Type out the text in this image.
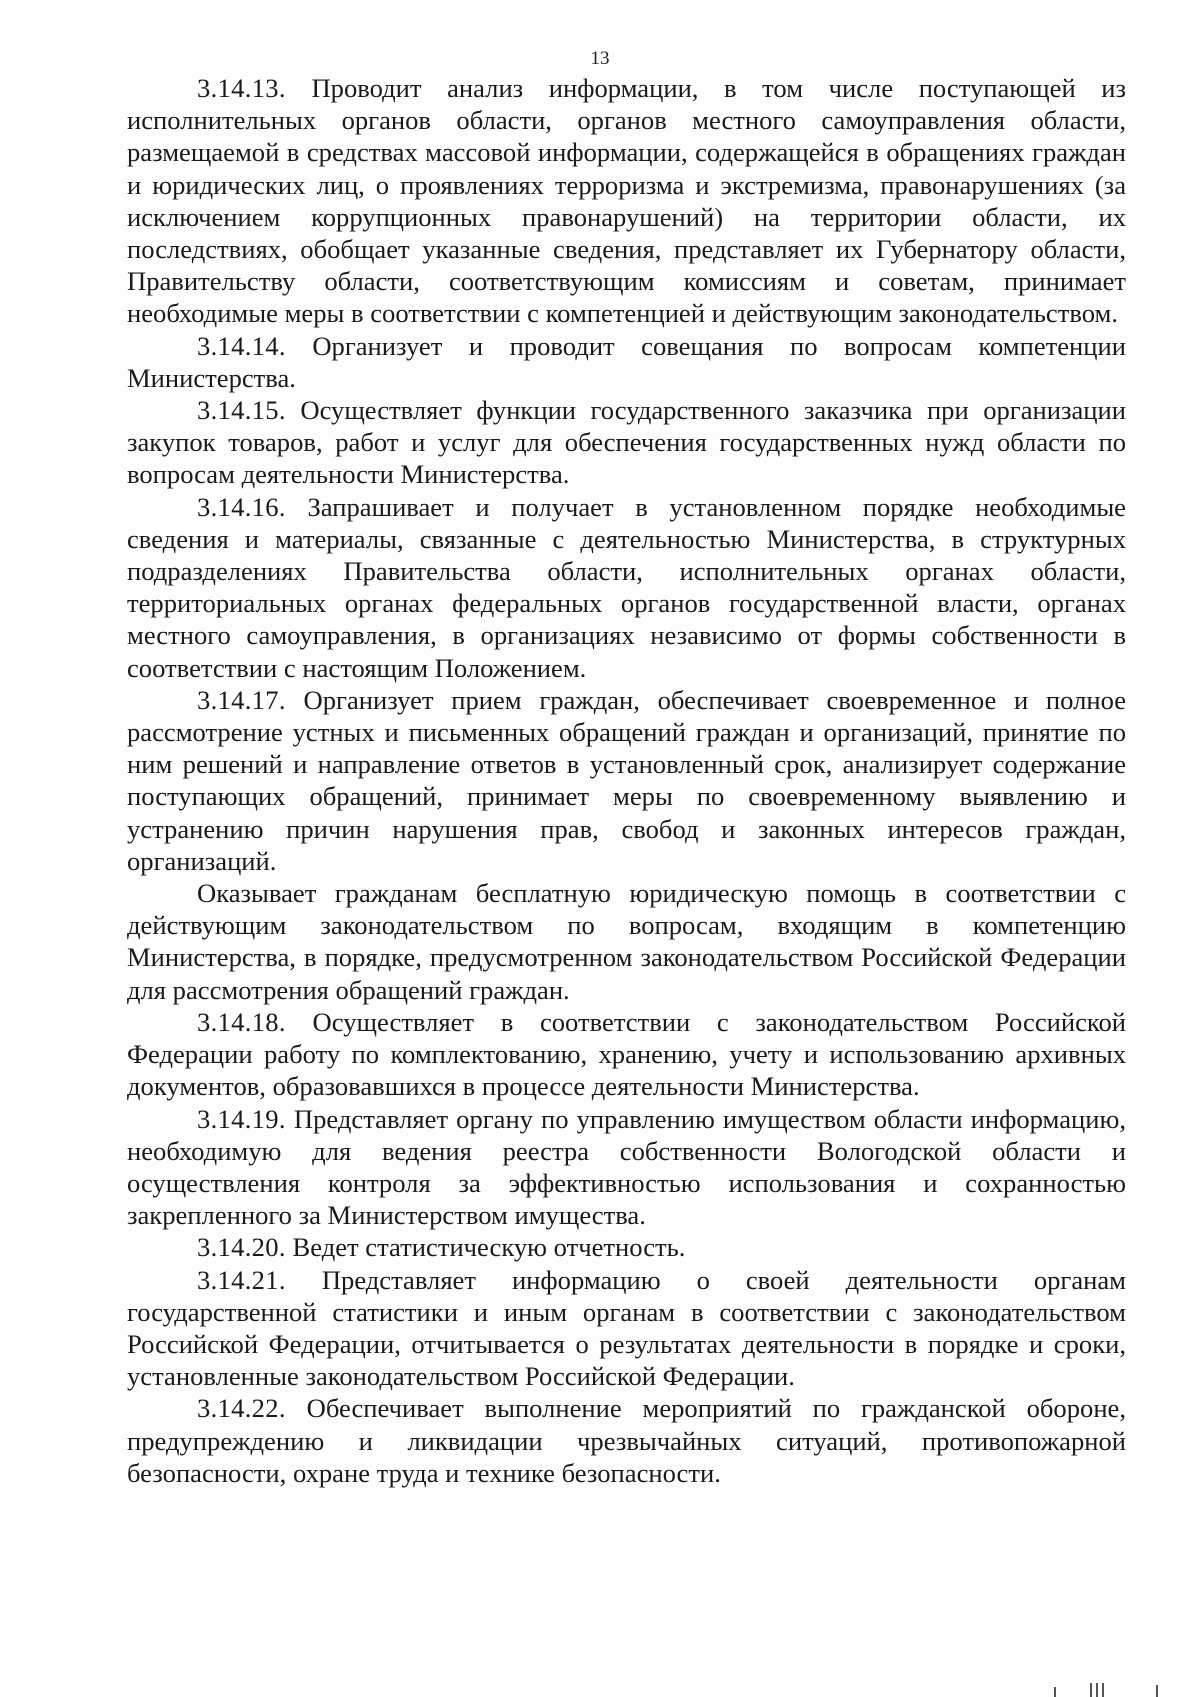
13

3.14.13. Проводит анализ информации, в том числе поступающей из исполнительных органов области, органов местного самоуправления области, размещаемой в средствах массовой информации, содержащейся в обращениях граждан и юридических лиц, о проявлениях терроризма и экстремизма, правонарушениях (за исключением коррупционных правонарушений) на территории области, их последствиях, обобщает указанные сведения, представляет их Губернатору области, Правительству области, соответствующим комиссиям и советам, принимает необходимые меры в соответствии с компетенцией и действующим законодательством.

3.14.14. Организует и проводит совещания по вопросам компетенции Министерства.

3.14.15. Осуществляет функции государственного заказчика при организации закупок товаров, работ и услуг для обеспечения государственных нужд области по вопросам деятельности Министерства.

3.14.16. Запрашивает и получает в установленном порядке необходимые сведения и материалы, связанные с деятельностью Министерства, в структурных подразделениях Правительства области, исполнительных органах области, территориальных органах федеральных органов государственной власти, органах местного самоуправления, в организациях независимо от формы собственности в соответствии с настоящим Положением.

3.14.17. Организует прием граждан, обеспечивает своевременное и полное рассмотрение устных и письменных обращений граждан и организаций, принятие по ним решений и направление ответов в установленный срок, анализирует содержание поступающих обращений, принимает меры по своевременному выявлению и устранению причин нарушения прав, свобод и законных интересов граждан, организаций.

Оказывает гражданам бесплатную юридическую помощь в соответствии с действующим законодательством по вопросам, входящим в компетенцию Министерства, в порядке, предусмотренном законодательством Российской Федерации для рассмотрения обращений граждан.

3.14.18. Осуществляет в соответствии с законодательством Российской Федерации работу по комплектованию, хранению, учету и использованию архивных документов, образовавшихся в процессе деятельности Министерства.

3.14.19. Представляет органу по управлению имуществом области информацию, необходимую для ведения реестра собственности Вологодской области и осуществления контроля за эффективностью использования и сохранностью закрепленного за Министерством имущества.

3.14.20. Ведет статистическую отчетность.

3.14.21. Представляет информацию о своей деятельности органам государственной статистики и иным органам в соответствии с законодательством Российской Федерации, отчитывается о результатах деятельности в порядке и сроки, установленные законодательством Российской Федерации.

3.14.22. Обеспечивает выполнение мероприятий по гражданской обороне, предупреждению и ликвидации чрезвычайных ситуаций, противопожарной безопасности, охране труда и технике безопасности.
